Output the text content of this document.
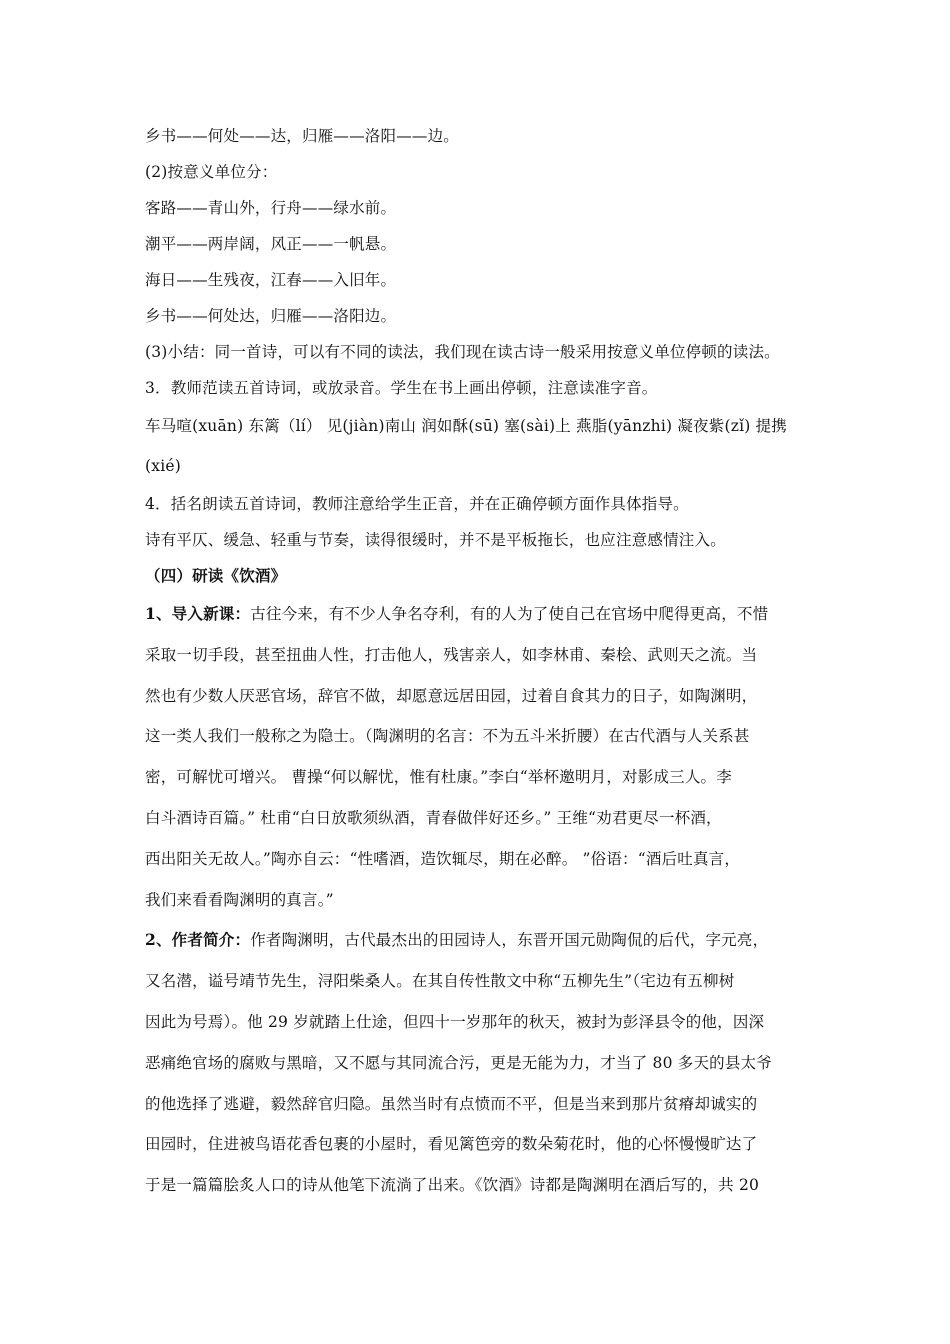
乡书——何处——达，归雁——洛阳——边。
(2)按意义单位分：
客路——青山外，行舟——绿水前。
潮平——两岸阔，风正——一帆悬。
海日——生残夜，江春——入旧年。
乡书——何处达，归雁——洛阳边。
(3)小结：同一首诗，可以有不同的读法，我们现在读古诗一般采用按意义单位停顿的读法。
3．教师范读五首诗词，或放录音。学生在书上画出停顿，注意读准字音。
车马喧(xuān) 东篱（lí） 见(jiàn)南山 润如酥(sū) 塞(sài)上 燕脂(yānzhi) 凝夜紫(zǐ) 提携
(xié)
4．括名朗读五首诗词，教师注意给学生正音，并在正确停顿方面作具体指导。
诗有平仄、缓急、轻重与节奏，读得很缓时，并不是平板拖长，也应注意感情注入。
（四）研读《饮酒》
1、导入新课：古往今来，有不少人争名夺利，有的人为了使自己在官场中爬得更高，不惜
采取一切手段，甚至扭曲人性，打击他人，残害亲人，如李林甫、秦桧、武则天之流。当
然也有少数人厌恶官场，辞官不做，却愿意远居田园，过着自食其力的日子，如陶渊明，
这一类人我们一般称之为隐士。（陶渊明的名言：不为五斗米折腰）在古代酒与人关系甚
密，可解忧可增兴。 曹操“何以解忧，惟有杜康。”李白“举杯邀明月，对影成三人。李
白斗酒诗百篇。” 杜甫“白日放歌须纵酒，青春做伴好还乡。” 王维“劝君更尽一杯酒，
西出阳关无故人。”陶亦自云：“性嗜酒，造饮辄尽，期在必醉。 ”俗语：“酒后吐真言，
我们来看看陶渊明的真言。”
2、作者简介：作者陶渊明，古代最杰出的田园诗人，东晋开国元勋陶侃的后代，字元亮，
又名潜，谥号靖节先生，浔阳柴桑人。在其自传性散文中称“五柳先生”（宅边有五柳树
因此为号焉）。他 29 岁就踏上仕途，但四十一岁那年的秋天，被封为彭泽县令的他，因深
恶痛绝官场的腐败与黑暗，又不愿与其同流合污，更是无能为力，才当了 80 多天的县太爷
的他选择了逃避，毅然辞官归隐。虽然当时有点愤而不平，但是当来到那片贫瘠却诚实的
田园时，住进被鸟语花香包裹的小屋时，看见篱笆旁的数朵菊花时，他的心怀慢慢旷达了
于是一篇篇脍炙人口的诗从他笔下流淌了出来。《饮酒》诗都是陶渊明在酒后写的，共 20
